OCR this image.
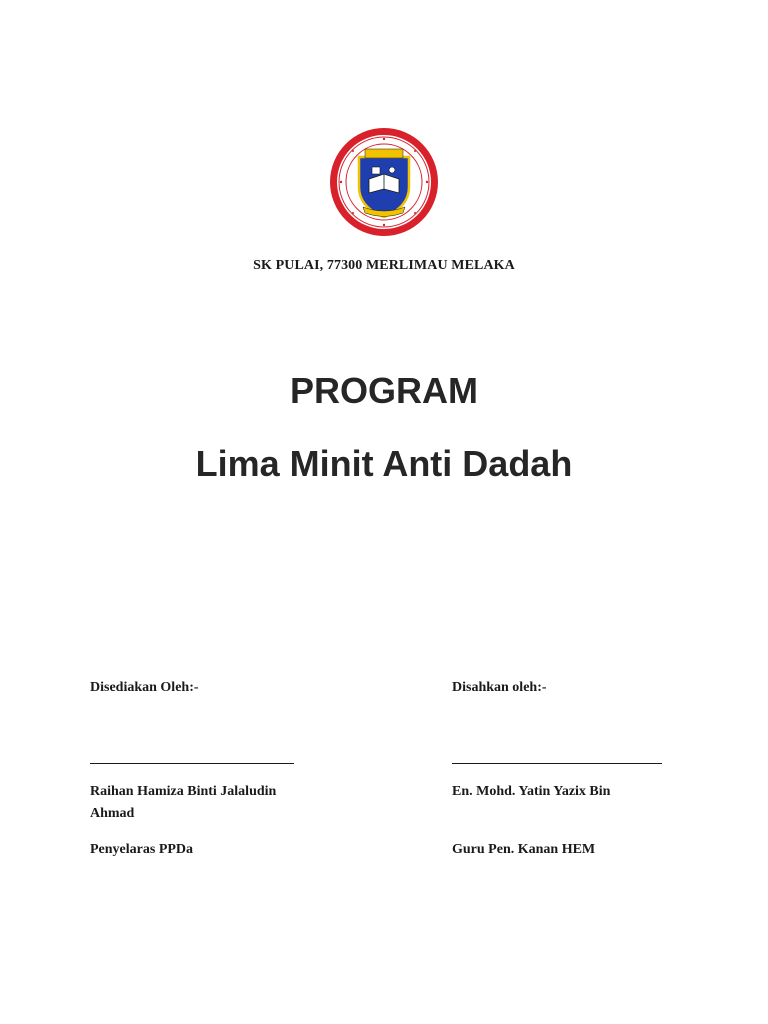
SK PULAI, 77300 MERLIMAU MELAKA
PROGRAM
Lima Minit Anti Dadah
Disediakan Oleh:-
Raihan Hamiza Binti Jalaludin Ahmad
Penyelaras PPDa
Disahkan oleh:-
En. Mohd. Yatin Yazix Bin
Guru Pen. Kanan HEM
